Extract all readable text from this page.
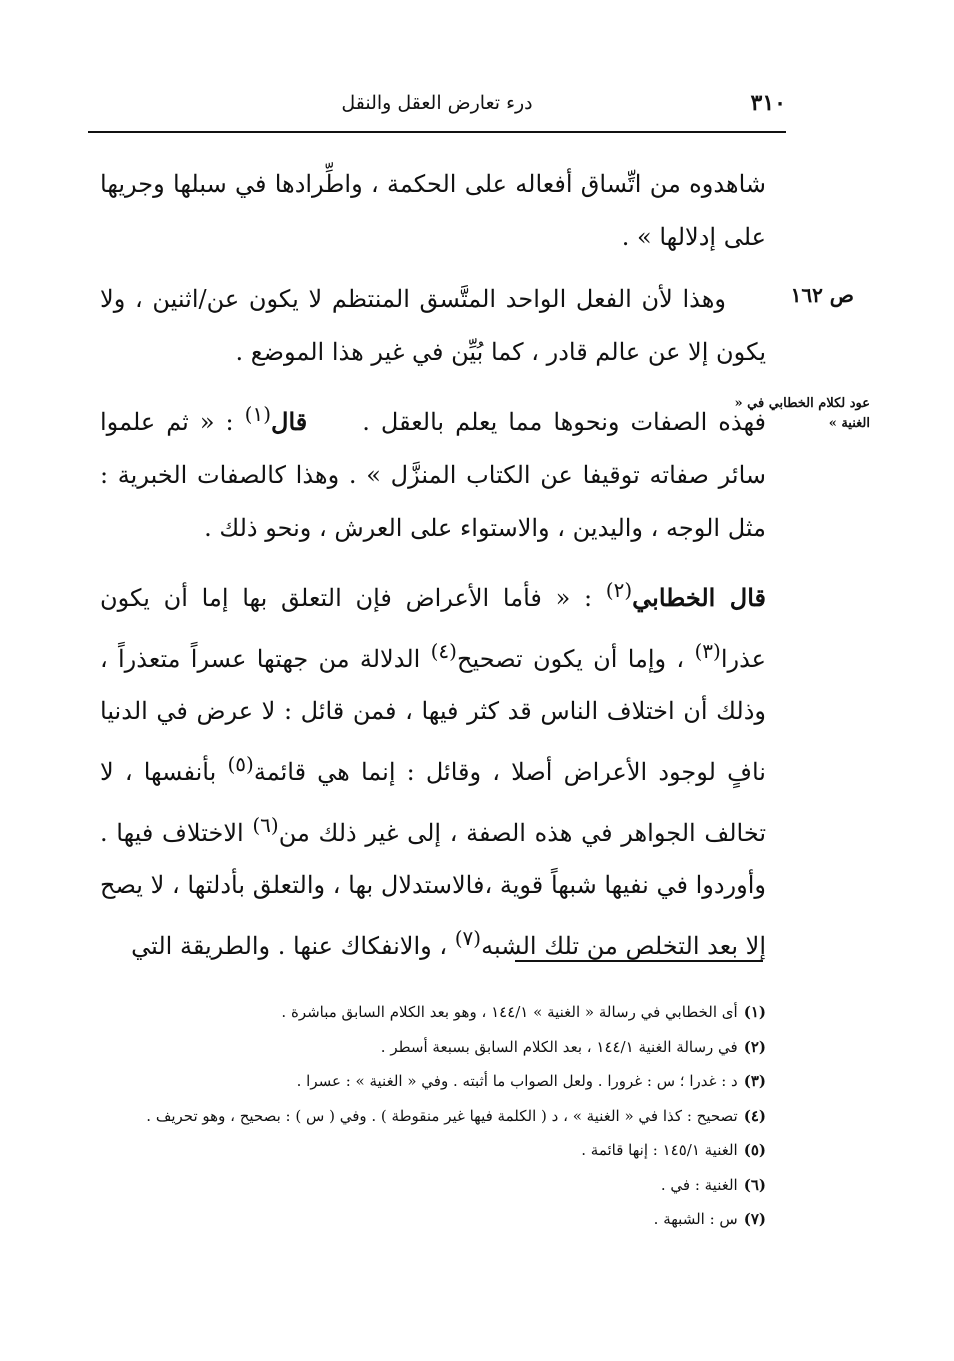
٣١٠
درء تعارض العقل والنقل
ص ١٦٢
عود لكلام الخطابي في « الغنية »

شاهدوه من اتِّساق أفعاله على الحكمة ، واطِّرادها في سبلها وجريها على إدلالها » .

وهذا لأن الفعل الواحد المتَّسق المنتظم لا يكون عن/اثنين ، ولا يكون إلا عن عالم قادر ، كما بُيِّن في غير هذا الموضع .

فهذه الصفات ونحوها مما يعلم بالعقل .     قال$^{(١)}$ : « ثم علموا سائر صفاته توقيفا عن الكتاب المنزَّل » . وهذا كالصفات الخبرية : مثل الوجه ، واليدين ، والاستواء على العرش ، ونحو ذلك .

قال الخطابي$^{(٢)}$ : « فأما الأعراض فإن التعلق بها إما أن يكون عذرا$^{(٣)}$ ، وإما أن يكون تصحيح$^{(٤)}$ الدلالة من جهتها عسراً متعذراً ، وذلك أن اختلاف الناس قد كثر فيها ، فمن قائل : لا عرض في الدنيا نافٍ لوجود الأعراض أصلا ، وقائل : إنما هي قائمة$^{(٥)}$ بأنفسها ، لا تخالف الجواهر في هذه الصفة ، إلى غير ذلك من$^{(٦)}$ الاختلاف فيها . وأوردوا في نفيها شبهاً قوية ،فالاستدلال بها ، والتعلق بأدلتها ، لا يصح إلا بعد التخلص من تلك الشبه$^{(٧)}$ ، والانفكاك عنها . والطريقة التي

(١)أى الخطابي في رسالة « الغنية » ١٤٤/١ ، وهو بعد الكلام السابق مباشرة .

(٢)في رسالة الغنية ١٤٤/١ ، بعد الكلام السابق بسبعة أسطر .

(٣)د : غدرا ؛ س : غرورا . ولعل الصواب ما أثبته . وفي « الغنية » : عسرا .

(٤)تصحيح : كذا في « الغنية » ، د ( الكلمة فيها غير منقوطة ) . وفي ( س ) : بصحيح ، وهو تحريف .

(٥)الغنية ١٤٥/١ : إنها قائمة .

(٦)الغنية : في .

(٧)س : الشبهة .
